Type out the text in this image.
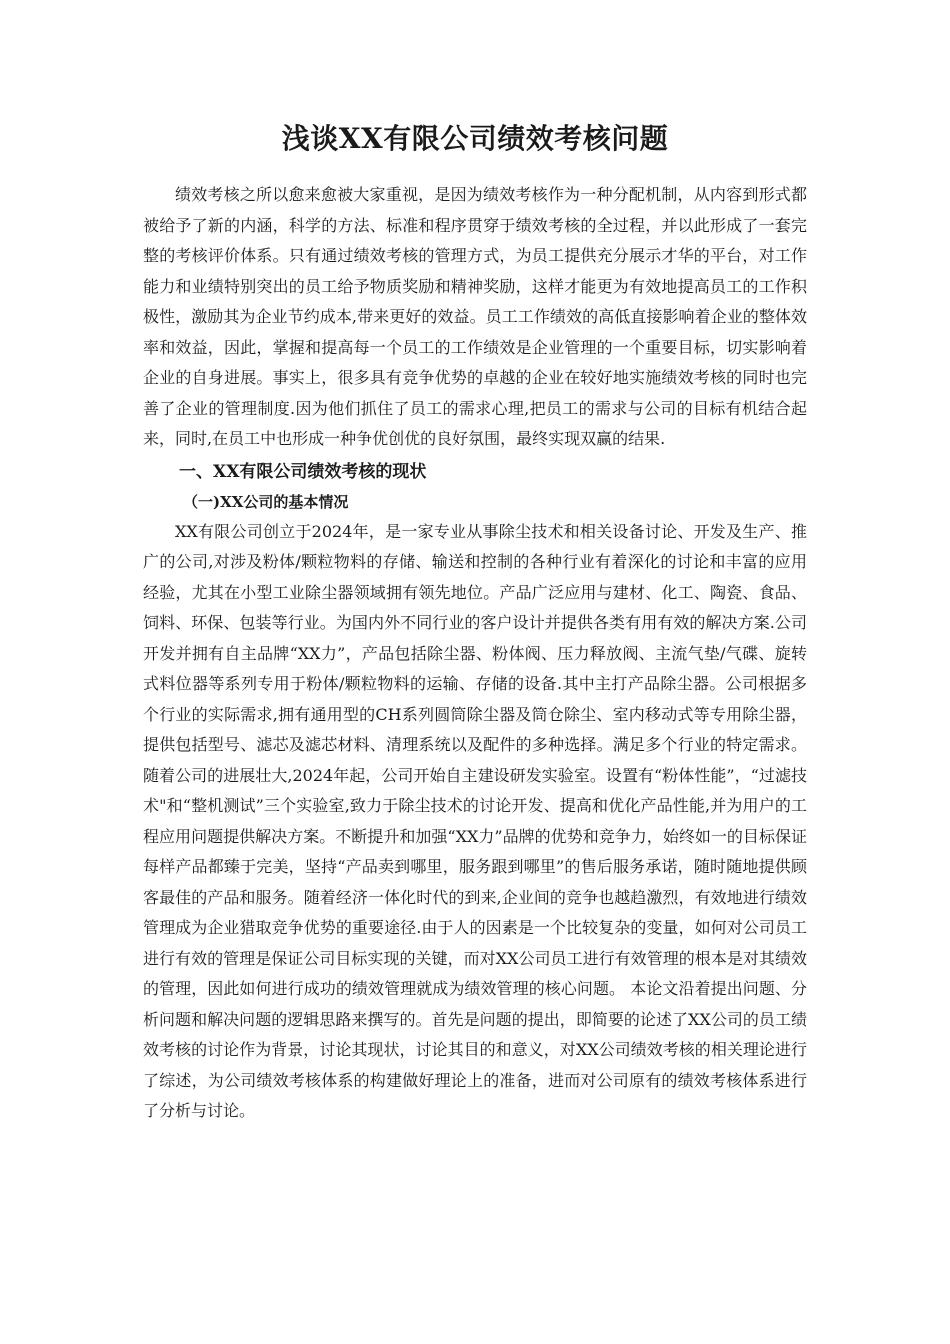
浅谈XX有限公司绩效考核问题

绩效考核之所以愈来愈被大家重视，是因为绩效考核作为一种分配机制，从内容到形式都被给予了新的内涵，科学的方法、标准和程序贯穿于绩效考核的全过程，并以此形成了一套完整的考核评价体系。只有通过绩效考核的管理方式，为员工提供充分展示才华的平台，对工作能力和业绩特别突出的员工给予物质奖励和精神奖励，这样才能更为有效地提高员工的工作积极性，激励其为企业节约成本,带来更好的效益。员工工作绩效的高低直接影响着企业的整体效率和效益，因此，掌握和提高每一个员工的工作绩效是企业管理的一个重要目标，切实影响着企业的自身进展。事实上，很多具有竞争优势的卓越的企业在较好地实施绩效考核的同时也完善了企业的管理制度.因为他们抓住了员工的需求心理,把员工的需求与公司的目标有机结合起来，同时,在员工中也形成一种争优创优的良好氛围，最终实现双赢的结果.

一、XX有限公司绩效考核的现状
（一)XX公司的基本情况

XX有限公司创立于2024年，是一家专业从事除尘技术和相关设备讨论、开发及生产、推广的公司,对涉及粉体/颗粒物料的存储、输送和控制的各种行业有着深化的讨论和丰富的应用经验，尤其在小型工业除尘器领域拥有领先地位。产品广泛应用与建材、化工、陶瓷、食品、饲料、环保、包装等行业。为国内外不同行业的客户设计并提供各类有用有效的解决方案.公司开发并拥有自主品牌“XX力”，产品包括除尘器、粉体阀、压力释放阀、主流气垫/气碟、旋转式料位器等系列专用于粉体/颗粒物料的运输、存储的设备.其中主打产品除尘器。公司根据多个行业的实际需求,拥有通用型的CH系列圆筒除尘器及筒仓除尘、室内移动式等专用除尘器，提供包括型号、滤芯及滤芯材料、清理系统以及配件的多种选择。满足多个行业的特定需求。随着公司的进展壮大,2024年起，公司开始自主建设研发实验室。设置有“粉体性能”，“过滤技术"和“整机测试”三个实验室,致力于除尘技术的讨论开发、提高和优化产品性能,并为用户的工程应用问题提供解决方案。不断提升和加强“XX力”品牌的优势和竞争力，始终如一的目标保证每样产品都臻于完美，坚持“产品卖到哪里，服务跟到哪里”的售后服务承诺，随时随地提供顾客最佳的产品和服务。随着经济一体化时代的到来,企业间的竞争也越趋激烈，有效地进行绩效管理成为企业猎取竞争优势的重要途径.由于人的因素是一个比较复杂的变量，如何对公司员工进行有效的管理是保证公司目标实现的关键，而对XX公司员工进行有效管理的根本是对其绩效的管理，因此如何进行成功的绩效管理就成为绩效管理的核心问题。 本论文沿着提出问题、分析问题和解决问题的逻辑思路来撰写的。首先是问题的提出，即简要的论述了XX公司的员工绩效考核的讨论作为背景，讨论其现状，讨论其目的和意义，对XX公司绩效考核的相关理论进行了综述，为公司绩效考核体系的构建做好理论上的准备，进而对公司原有的绩效考核体系进行了分析与讨论。
